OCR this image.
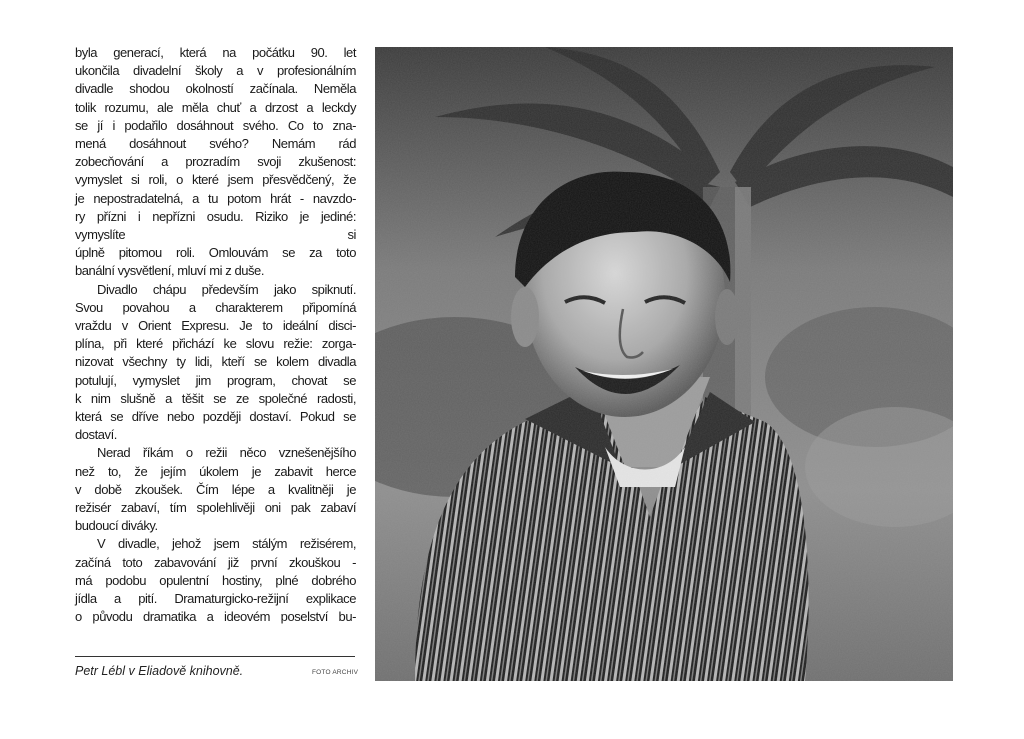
byla generací, která na počátku 90. let
ukončila divadelní školy a v profesionálním
divadle shodou okolností začínala. Neměla
tolik rozumu, ale měla chuť a drzost a leckdy
se jí i podařilo dosáhnout svého. Co to zna-
mená dosáhnout svého? Nemám rád
zobecňování a prozradím svoji zkušenost:
vymyslet si roli, o které jsem přesvědčený, že
je nepostradatelná, a tu potom hrát - navzdo-
ry přízni i nepřízni osudu. Riziko je jediné:
vymyslíte si
úplně pitomou roli. Omlouvám se za toto
banální vysvětlení, mluví mi z duše.

Divadlo chápu především jako spiknutí.
Svou povahou a charakterem připomíná
vraždu v Orient Expresu. Je to ideální disci-
plína, při které přichází ke slovu režie: zorga-
nizovat všechny ty lidi, kteří se kolem divadla
potulují, vymyslet jim program, chovat se
k nim slušně a těšit se ze společné radosti,
která se dříve nebo později dostaví. Pokud se
dostaví.

Nerad říkám o režii něco vznešenějšího
než to, že jejím úkolem je zabavit herce
v době zkoušek. Čím lépe a kvalitněji je
režisér zabaví, tím spolehlivěji oni pak zabaví
budoucí diváky.

V divadle, jehož jsem stálým režisérem,
začíná toto zabavování již první zkouškou -
má podobu opulentní hostiny, plné dobrého
jídla a pití. Dramaturgicko-režijní explikace
o původu dramatika a ideovém poselství bu-

Petr Lébl v Eliadově knihovně.	FOTO ARCHIV
